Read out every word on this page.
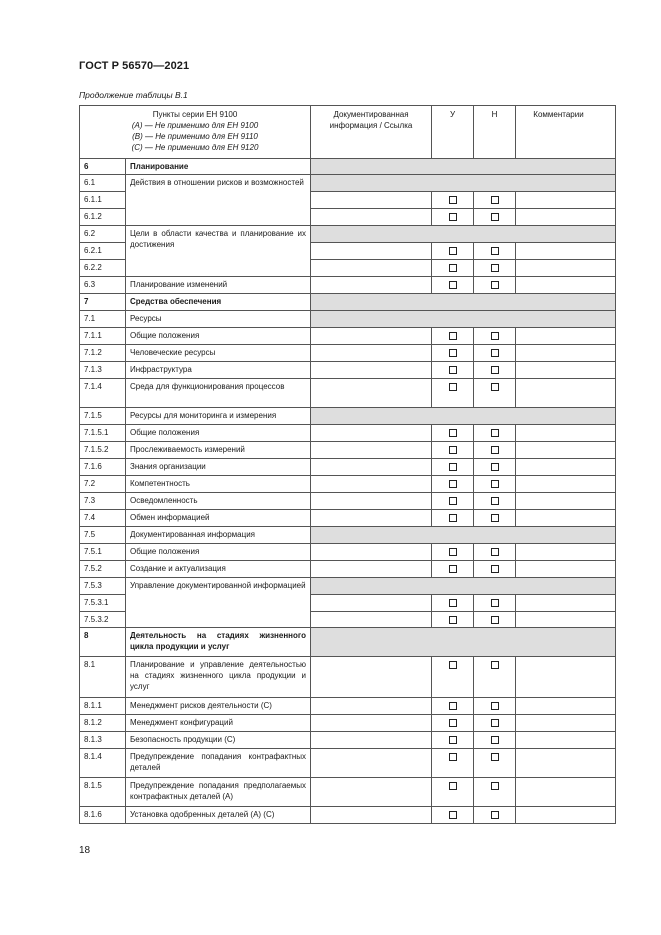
ГОСТ Р 56570—2021
Продолжение таблицы В.1
Пункты серии ЕН 9100
(А) — Не применимо для ЕН 9100
(В) — Не применимо для ЕН 9110
(С) — Не применимо для ЕН 9120		Документированная информация / Ссылка	У	Н	Комментарии
6	Планирование				
6.1	Действия в отношении рисков и возможностей				
6.1.1					
6.1.2					
6.2	Цели в области качества и планирование их достижения				
6.2.1					
6.2.2					
6.3	Планирование изменений				
7	Средства обеспечения				
7.1	Ресурсы				
7.1.1	Общие положения				
7.1.2	Человеческие ресурсы				
7.1.3	Инфраструктура				
7.1.4	Среда для функционирования процессов				
7.1.5	Ресурсы для мониторинга и измерения				
7.1.5.1	Общие положения				
7.1.5.2	Прослеживаемость измерений				
7.1.6	Знания организации				
7.2	Компетентность				
7.3	Осведомленность				
7.4	Обмен информацией				
7.5	Документированная информация				
7.5.1	Общие положения				
7.5.2	Создание и актуализация				
7.5.3	Управление документированной информацией				
7.5.3.1					
7.5.3.2					
8	Деятельность на стадиях жизненного цикла продукции и услуг				
8.1	Планирование и управление деятельностью на стадиях жизненного цикла продукции и услуг				
8.1.1	Менеджмент рисков деятельности (С)				
8.1.2	Менеджмент конфигураций				
8.1.3	Безопасность продукции (С)				
8.1.4	Предупреждение попадания контрафактных деталей				
8.1.5	Предупреждение попадания предполагаемых контрафактных деталей (А)				
8.1.6	Установка одобренных деталей (А) (С)				
18
